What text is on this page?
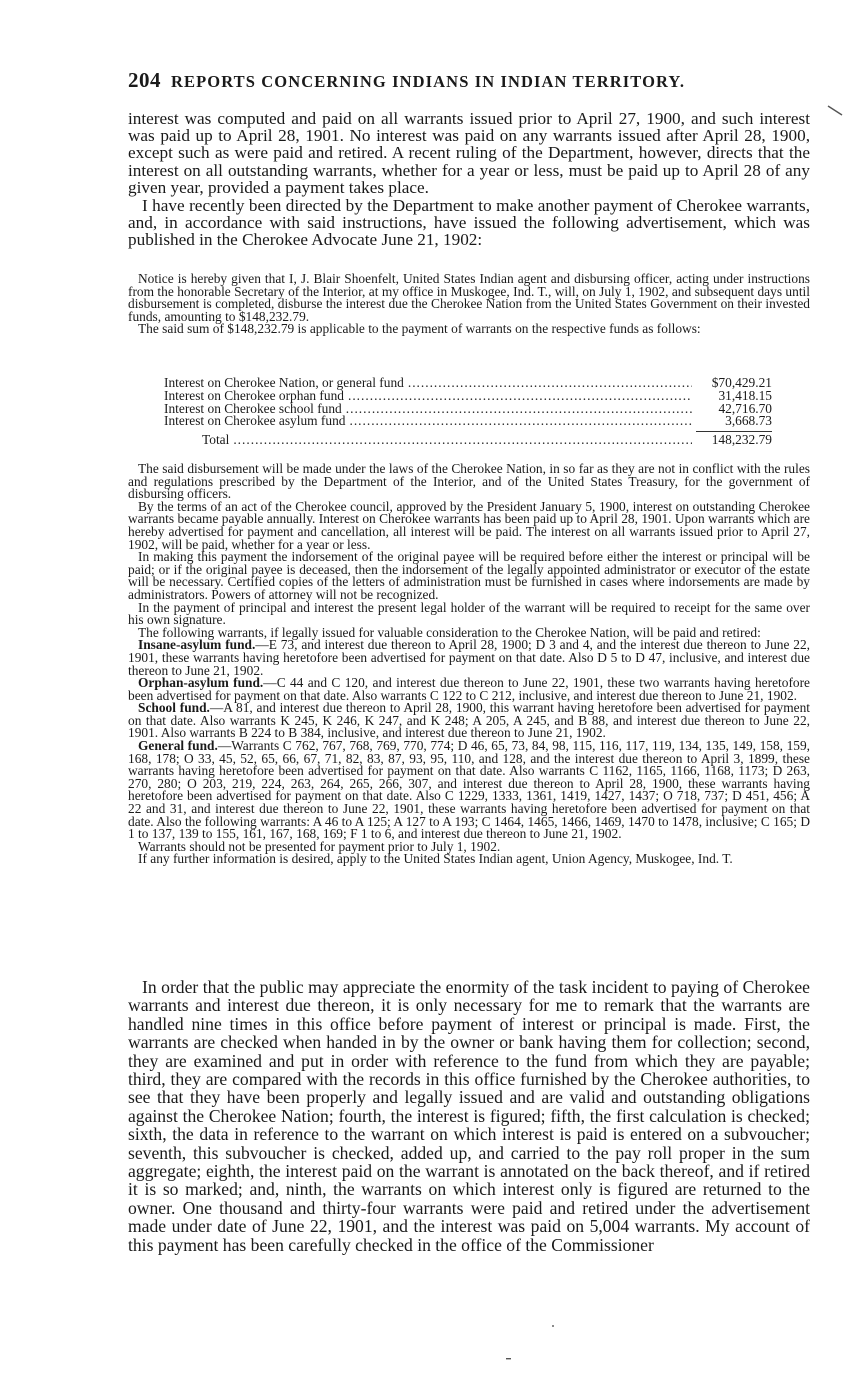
204 REPORTS CONCERNING INDIANS IN INDIAN TERRITORY.

interest was computed and paid on all warrants issued prior to April 27, 1900, and such interest was paid up to April 28, 1901. No interest was paid on any warrants issued after April 28, 1900, except such as were paid and retired. A recent ruling of the Department, however, directs that the interest on all outstanding warrants, whether for a year or less, must be paid up to April 28 of any given year, provided a payment takes place.

I have recently been directed by the Department to make another payment of Cherokee warrants, and, in accordance with said instructions, have issued the following advertisement, which was published in the Cherokee Advocate June 21, 1902:

Notice is hereby given that I, J. Blair Shoenfelt, United States Indian agent and disbursing officer, acting under instructions from the honorable Secretary of the Interior, at my office in Muskogee, Ind. T., will, on July 1, 1902, and subsequent days until disbursement is completed, disburse the interest due the Cherokee Nation from the United States Government on their invested funds, amounting to $148,232.79.

The said sum of $148,232.79 is applicable to the payment of warrants on the respective funds as follows:

Interest on Cherokee Nation, or general fund .....	$70,429.21
Interest on Cherokee orphan fund .....	31,418.15
Interest on Cherokee school fund .....	42,716.70
Interest on Cherokee asylum fund .....	3,668.73
Total .....	148,232.79

The said disbursement will be made under the laws of the Cherokee Nation, in so far as they are not in conflict with the rules and regulations prescribed by the Department of the Interior, and of the United States Treasury, for the government of disbursing officers.

By the terms of an act of the Cherokee council, approved by the President January 5, 1900, interest on outstanding Cherokee warrants became payable annually. Interest on Cherokee warrants has been paid up to April 28, 1901. Upon warrants which are hereby advertised for payment and cancellation, all interest will be paid. The interest on all warrants issued prior to April 27, 1902, will be paid, whether for a year or less.

In making this payment the indorsement of the original payee will be required before either the interest or principal will be paid; or if the original payee is deceased, then the indorsement of the legally appointed administrator or executor of the estate will be necessary. Certified copies of the letters of administration must be furnished in cases where indorsements are made by administrators. Powers of attorney will not be recognized.

In the payment of principal and interest the present legal holder of the warrant will be required to receipt for the same over his own signature.

The following warrants, if legally issued for valuable consideration to the Cherokee Nation, will be paid and retired:

Insane-asylum fund.—E 73, and interest due thereon to April 28, 1900; D 3 and 4, and the interest due thereon to June 22, 1901, these warrants having heretofore been advertised for payment on that date. Also D 5 to D 47, inclusive, and interest due thereon to June 21, 1902.

Orphan-asylum fund.—C 44 and C 120, and interest due thereon to June 22, 1901, these two warrants having heretofore been advertised for payment on that date. Also warrants C 122 to C 212, inclusive, and interest due thereon to June 21, 1902.

School fund.—A 81, and interest due thereon to April 28, 1900, this warrant having heretofore been advertised for payment on that date. Also warrants K 245, K 246, K 247, and K 248; A 205, A 245, and B 88, and interest due thereon to June 22, 1901. Also warrants B 224 to B 384, inclusive, and interest due thereon to June 21, 1902.

General fund.—Warrants C 762, 767, 768, 769, 770, 774; D 46, 65, 73, 84, 98, 115, 116, 117, 119, 134, 135, 149, 158, 159, 168, 178; O 33, 45, 52, 65, 66, 67, 71, 82, 83, 87, 93, 95, 110, and 128, and the interest due thereon to April 3, 1899, these warrants having heretofore been advertised for payment on that date. Also warrants C 1162, 1165, 1166, 1168, 1173; D 263, 270, 280; O 203, 219, 224, 263, 264, 265, 266, 307, and interest due thereon to April 28, 1900, these warrants having heretofore been advertised for payment on that date. Also C 1229, 1333, 1361, 1419, 1427, 1437; O 718, 737; D 451, 456; A 22 and 31, and interest due thereon to June 22, 1901, these warrants having heretofore been advertised for payment on that date. Also the following warrants: A 46 to A 125; A 127 to A 193; C 1464, 1465, 1466, 1469, 1470 to 1478, inclusive; C 165; D 1 to 137, 139 to 155, 161, 167, 168, 169; F 1 to 6, and interest due thereon to June 21, 1902.

Warrants should not be presented for payment prior to July 1, 1902.

If any further information is desired, apply to the United States Indian agent, Union Agency, Muskogee, Ind. T.

In order that the public may appreciate the enormity of the task incident to paying of Cherokee warrants and interest due thereon, it is only necessary for me to remark that the warrants are handled nine times in this office before payment of interest or principal is made. First, the warrants are checked when handed in by the owner or bank having them for collection; second, they are examined and put in order with reference to the fund from which they are payable; third, they are compared with the records in this office furnished by the Cherokee authorities, to see that they have been properly and legally issued and are valid and outstanding obligations against the Cherokee Nation; fourth, the interest is figured; fifth, the first calculation is checked; sixth, the data in reference to the warrant on which interest is paid is entered on a subvoucher; seventh, this subvoucher is checked, added up, and carried to the pay roll proper in the sum aggregate; eighth, the interest paid on the warrant is annotated on the back thereof, and if retired it is so marked; and, ninth, the warrants on which interest only is figured are returned to the owner. One thousand and thirty-four warrants were paid and retired under the advertisement made under date of June 22, 1901, and the interest was paid on 5,004 warrants. My account of this payment has been carefully checked in the office of the Commissioner
